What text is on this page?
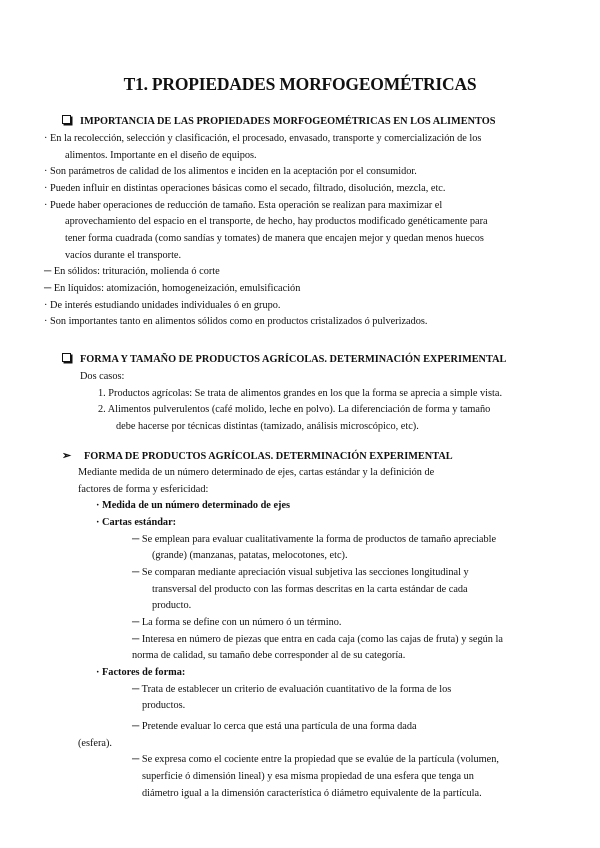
T1. PROPIEDADES MORFOGEOMÉTRICAS
IMPORTANCIA DE LAS PROPIEDADES MORFOGEOMÉTRICAS EN LOS ALIMENTOS
· En la recolección, selección y clasificación, el procesado, envasado, transporte y comercialización de los
alimentos. Importante en el diseño de equipos.
· Son parámetros de calidad de los alimentos e inciden en la aceptación por el consumidor.
· Pueden influir en distintas operaciones básicas como el secado, filtrado, disolución, mezcla, etc.
· Puede haber operaciones de reducción de tamaño. Esta operación se realizan para maximizar el
aprovechamiento del espacio en el transporte, de hecho, hay productos modificado genéticamente para
tener forma cuadrada (como sandías y tomates) de manera que encajen mejor y quedan menos huecos
vacíos durante el transporte.
─ En sólidos: trituración, molienda ó corte
─ En líquidos: atomización, homogeneización, emulsificación
· De interés estudiando unidades individuales ó en grupo.
· Son importantes tanto en alimentos sólidos como en productos cristalizados ó pulverizados.
FORMA Y TAMAÑO DE PRODUCTOS AGRÍCOLAS. DETERMINACIÓN EXPERIMENTAL
Dos casos:
1. Productos agrícolas: Se trata de alimentos grandes en los que la forma se aprecia a simple vista.
2. Alimentos pulverulentos (café molido, leche en polvo). La diferenciación de forma y tamaño
debe hacerse por técnicas distintas (tamizado, análisis microscópico, etc).
➢ FORMA DE PRODUCTOS AGRÍCOLAS. DETERMINACIÓN EXPERIMENTAL
Mediante medida de un número determinado de ejes, cartas estándar y la definición de
factores de forma y esfericidad:
· Medida de un número determinado de ejes
· Cartas estándar:
─ Se emplean para evaluar cualitativamente la forma de productos de tamaño apreciable
(grande) (manzanas, patatas, melocotones, etc).
─ Se comparan mediante apreciación visual subjetiva las secciones longitudinal y
transversal del producto con las formas descritas en la carta estándar de cada
producto.
─ La forma se define con un número ó un término.
─ Interesa en número de piezas que entra en cada caja (como las cajas de fruta) y según la
norma de calidad, su tamaño debe corresponder al de su categoría.
· Factores de forma:
─ Trata de establecer un criterio de evaluación cuantitativo de la forma de los
productos.
─ Pretende evaluar lo cerca que está una partícula de una forma dada
(esfera).
─ Se expresa como el cociente entre la propiedad que se evalúe de la partícula (volumen,
superficie ó dimensión lineal) y esa misma propiedad de una esfera que tenga un
diámetro igual a la dimensión característica ó diámetro equivalente de la partícula.
